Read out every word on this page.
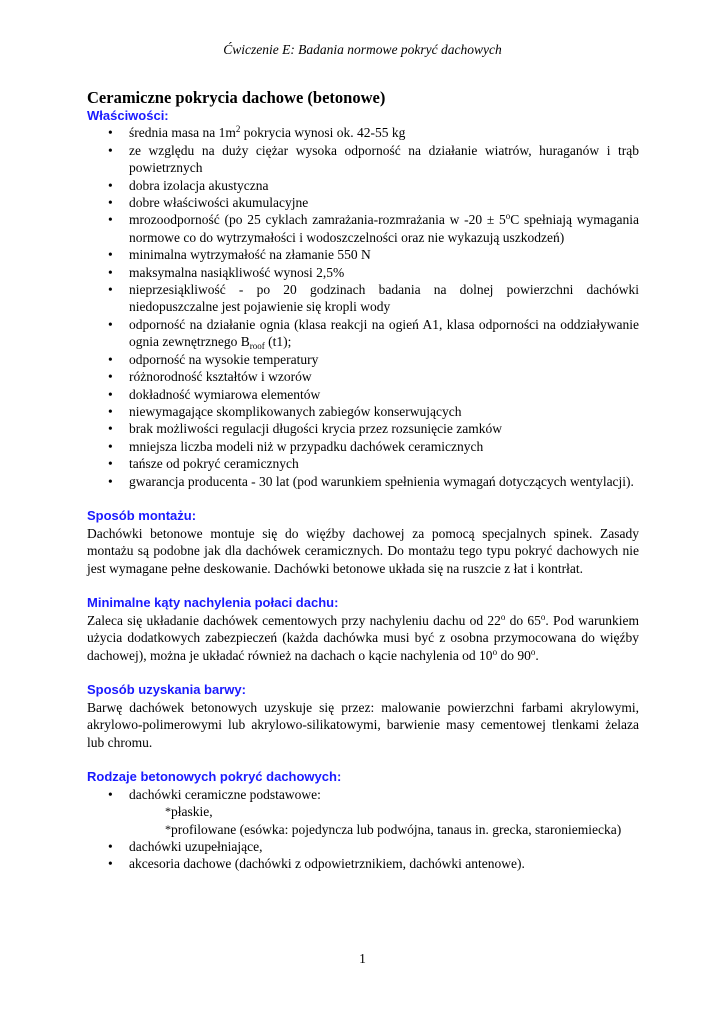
Ćwiczenie E: Badania normowe pokryć dachowych
Ceramiczne pokrycia dachowe (betonowe)
Właściwości:
• średnia masa na $1m^2$ pokrycia wynosi ok. 42-55 kg
• ze względu na duży ciężar wysoka odporność na działanie wiatrów, huraganów i trąb powietrznych
• dobra izolacja akustyczna
• dobre właściwości akumulacyjne
• mrozoodporność (po 25 cyklach zamrażania-rozmrażania w $-20 \pm 5^oC$ spełniają wymagania normowe co do wytrzymałości i wodoszczelności oraz nie wykazują uszkodzeń)
• minimalna wytrzymałość na złamanie 550 N
• maksymalna nasiąkliwość wynosi 2,5%
• nieprzesiąkliwość - po 20 godzinach badania na dolnej powierzchni dachówki niedopuszczalne jest pojawienie się kropli wody
• odporność na działanie ognia (klasa reakcji na ogień A1, klasa odporności na oddziaływanie ognia zewnętrznego $B_{roof}$ (t1);
• odporność na wysokie temperatury
• różnorodność kształtów i wzorów
• dokładność wymiarowa elementów
• niewymagające skomplikowanych zabiegów konserwujących
• brak możliwości regulacji długości krycia przez rozsunięcie zamków
• mniejsza liczba modeli niż w przypadku dachówek ceramicznych
• tańsze od pokryć ceramicznych
• gwarancja producenta - 30 lat (pod warunkiem spełnienia wymagań dotyczących wentylacji).
Sposób montażu:

Dachówki betonowe montuje się do więźby dachowej za pomocą specjalnych spinek. Zasady montażu są podobne jak dla dachówek ceramicznych. Do montażu tego typu pokryć dachowych nie jest wymagane pełne deskowanie. Dachówki betonowe układa się na ruszcie z łat i kontrłat.

Minimalne kąty nachylenia połaci dachu:

Zaleca się układanie dachówek cementowych przy nachyleniu dachu od 22$^o$ do 65$^o$. Pod warunkiem użycia dodatkowych zabezpieczeń (każda dachówka musi być z osobna przymocowana do więźby dachowej), można je układać również na dachach o kącie nachylenia od 10$^o$ do 90$^o$.

Sposób uzyskania barwy:

Barwę dachówek betonowych uzyskuje się przez: malowanie powierzchni farbami akrylowymi, akrylowo-polimerowymi lub akrylowo-silikatowymi, barwienie masy cementowej tlenkami żelaza lub chromu.

Rodzaje betonowych pokryć dachowych:
• dachówki ceramiczne podstawowe:
* płaskie,
* profilowane (esówka: pojedyncza lub podwójna, tanaus in. grecka, staroniemiecka)
• dachówki uzupełniające,
• akcesoria dachowe (dachówki z odpowietrznikiem, dachówki antenowe).
1
